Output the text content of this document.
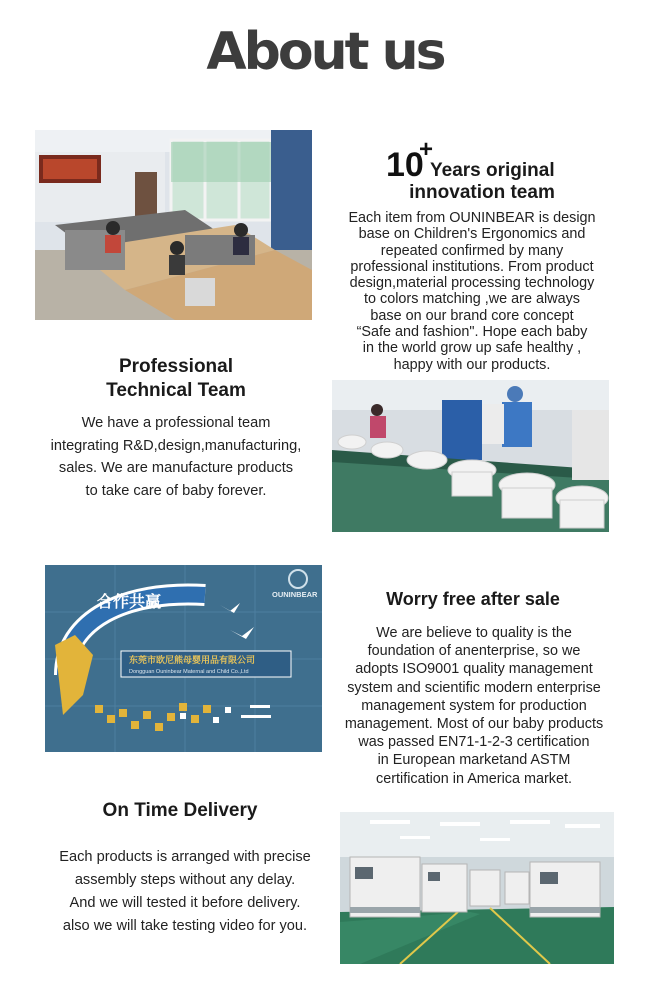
About us
10
+
Years original
innovation team
Each item from OUNINBEAR is design
base on Children's Ergonomics and
repeated confirmed by many
professional institutions. From product
design,material processing technology
to colors matching ,we are always
base on our brand core concept
“Safe and fashion". Hope each baby
in the world grow up safe healthy ,
happy with our products.
Professional
Technical Team
We have a professional team
integrating R&D,design,manufacturing,
sales. We are manufacture products
to take care of baby forever.
合作共赢	OUNINBEAR
东莞市欧尼熊母婴用品有限公司
Dongguan Ouninbear Maternal and Child Co.,Ltd
Worry free after sale
We are believe to quality is the
foundation of anenterprise, so we
adopts ISO9001 quality management
system and scientific modern enterprise
management system for production
management. Most of our baby products
was passed EN71-1-2-3 certification
in European marketand ASTM
certification in America market.
On Time Delivery
Each products is arranged with precise
assembly steps without any delay.
And we will tested it before delivery.
also we will take testing video for you.
